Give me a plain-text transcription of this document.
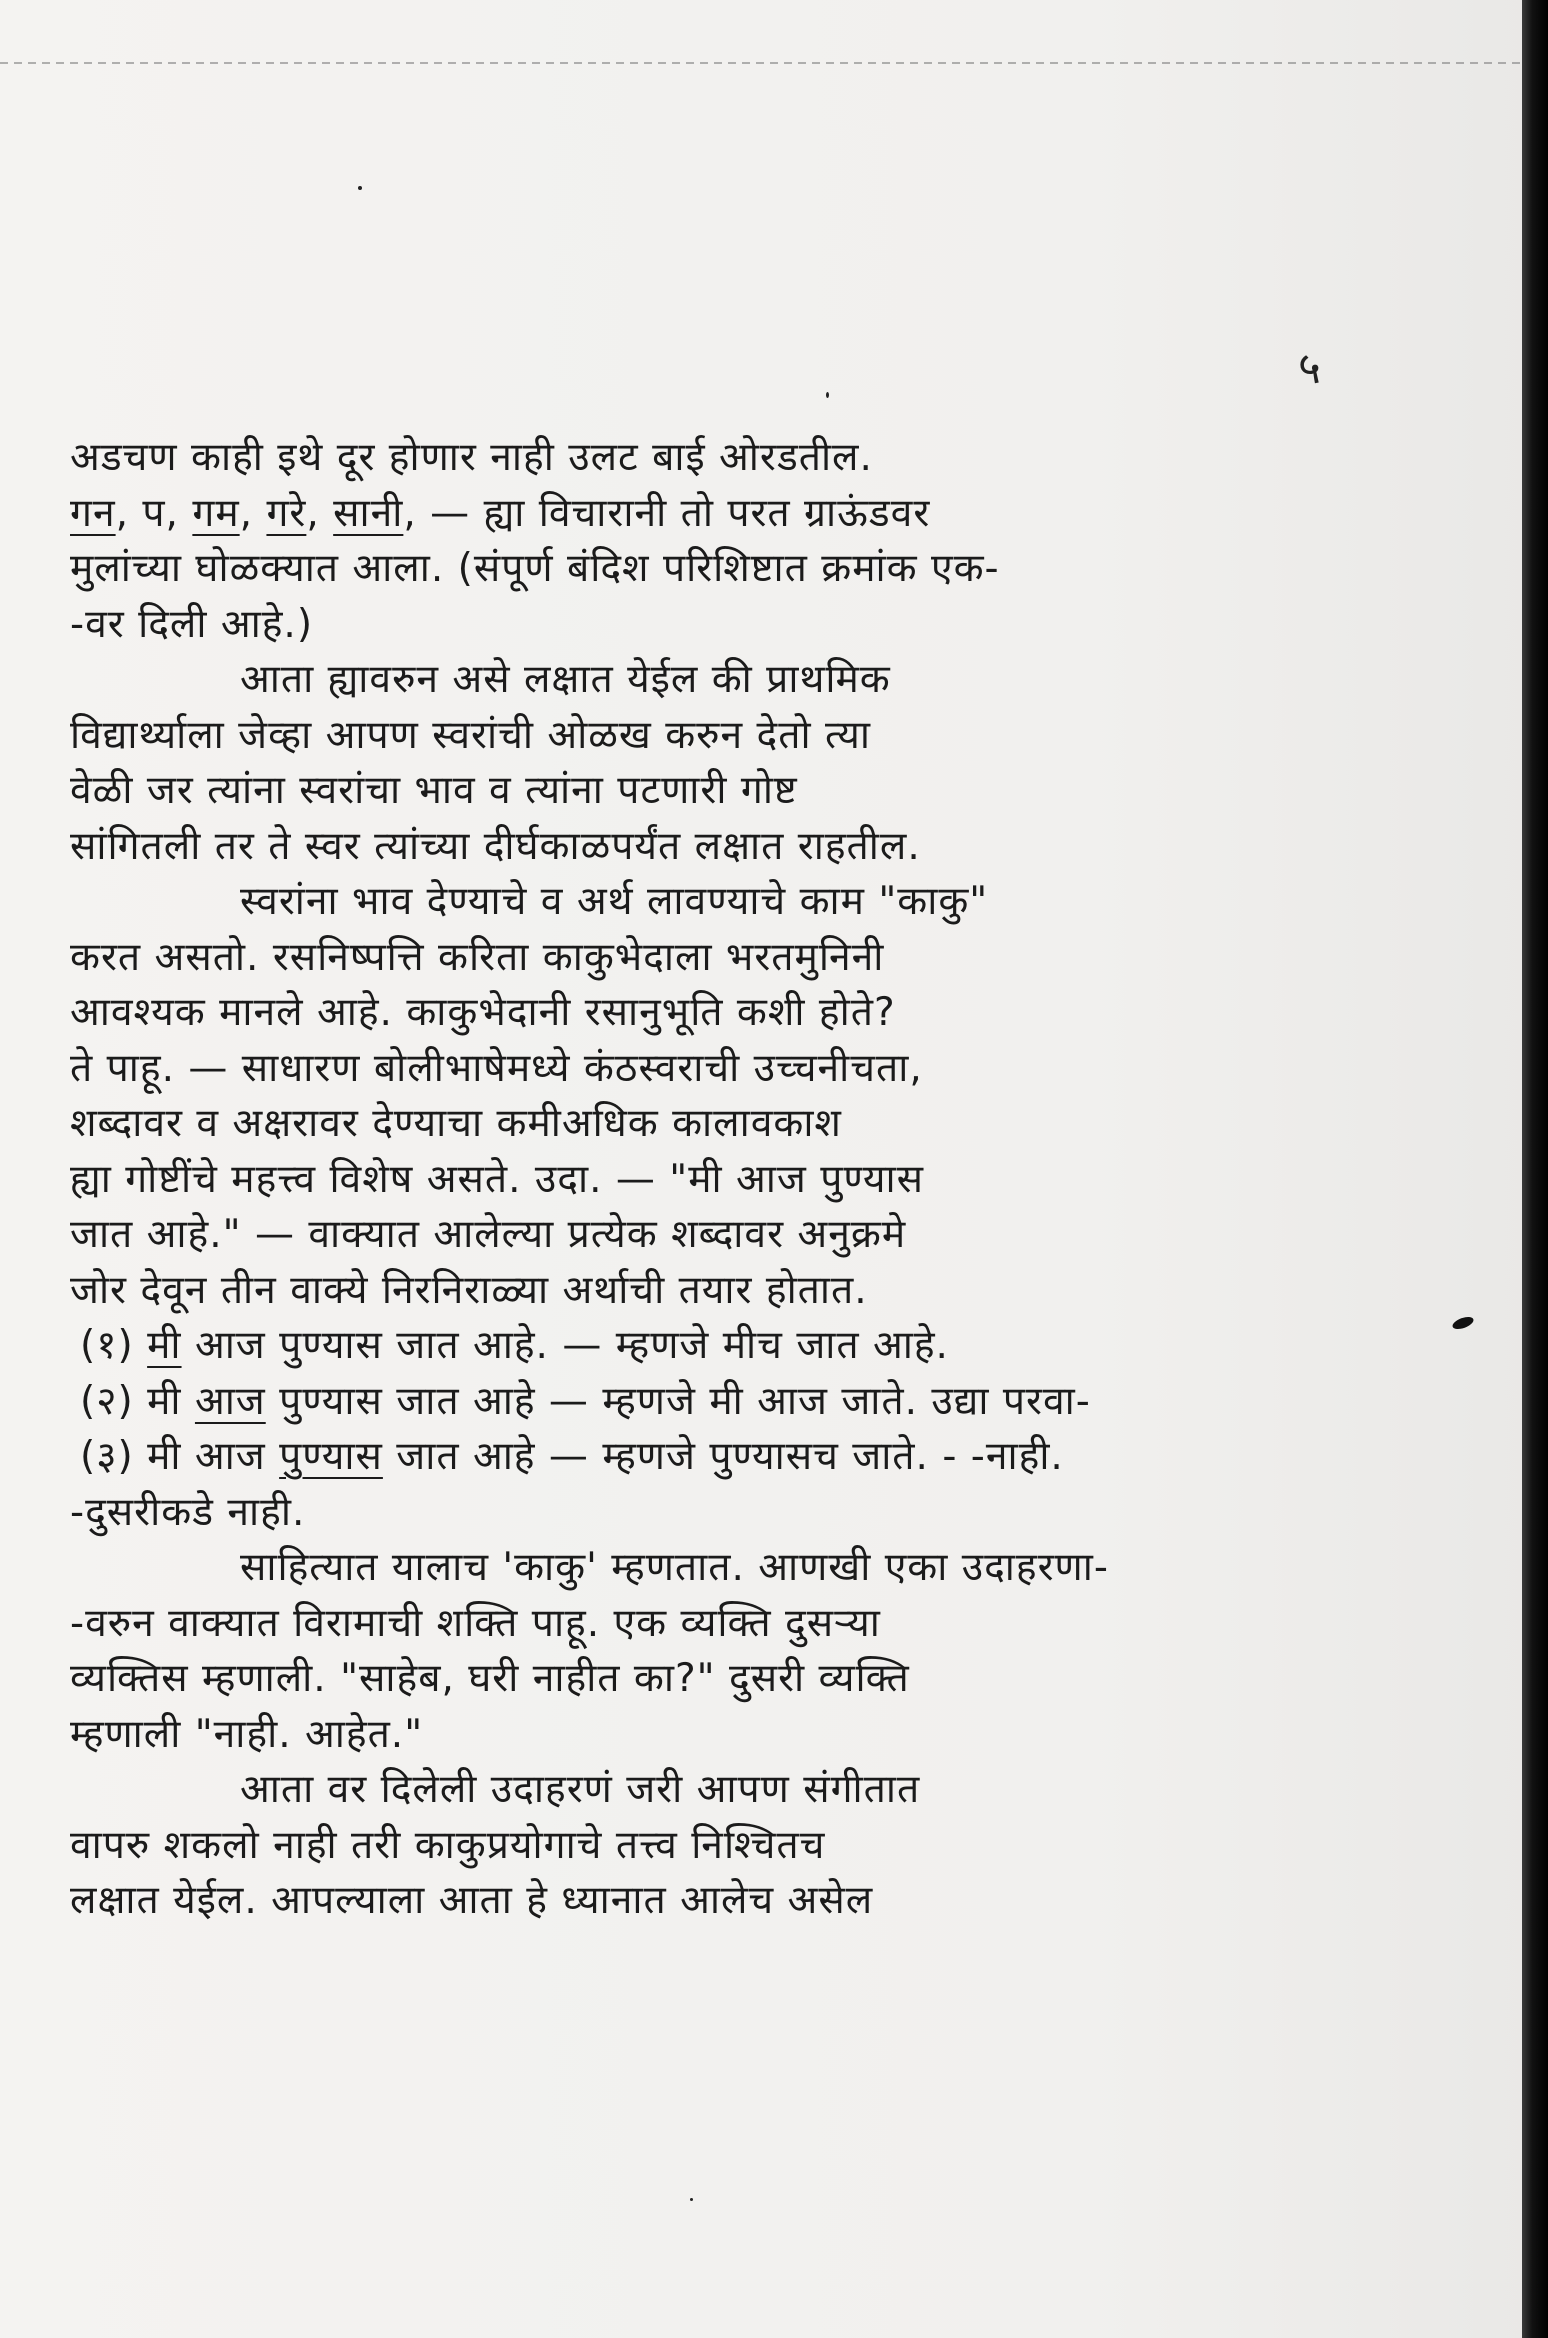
५
अडचण काही इथे दूर होणार नाही उलट बाई ओरडतील.
गन, प, गम, गरे, सानी, — ह्या विचारानी तो परत ग्राऊंडवर
मुलांच्या घोळक्यात आला. (संपूर्ण बंदिश परिशिष्टात क्रमांक एक-
-वर दिली आहे.)
आता ह्यावरुन असे लक्षात येईल की प्राथमिक
विद्यार्थ्याला जेव्हा आपण स्वरांची ओळख करुन देतो त्या
वेळी जर त्यांना स्वरांचा भाव व त्यांना पटणारी गोष्ट
सांगितली तर ते स्वर त्यांच्या दीर्घकाळपर्यंत लक्षात राहतील.
स्वरांना भाव देण्याचे व अर्थ लावण्याचे काम "काकु"
करत असतो. रसनिष्पत्ति करिता काकुभेदाला भरतमुनिनी
आवश्यक मानले आहे. काकुभेदानी रसानुभूति कशी होते?
ते पाहू. — साधारण बोलीभाषेमध्ये कंठस्वराची उच्चनीचता,
शब्दावर व अक्षरावर देण्याचा कमीअधिक कालावकाश
ह्या गोष्टींचे महत्त्व विशेष असते. उदा. — "मी आज पुण्यास
जात आहे." — वाक्यात आलेल्या प्रत्येक शब्दावर अनुक्रमे
जोर देवून तीन वाक्ये निरनिराळ्या अर्थाची तयार होतात.
(१) मी आज पुण्यास जात आहे. — म्हणजे मीच जात आहे.
(२) मी आज पुण्यास जात आहे — म्हणजे मी आज जाते. उद्या परवा-
(३) मी आज पुण्यास जात आहे — म्हणजे पुण्यासच जाते. - -नाही.
-दुसरीकडे नाही.
साहित्यात यालाच 'काकु' म्हणतात. आणखी एका उदाहरणा-
-वरुन वाक्यात विरामाची शक्ति पाहू. एक व्यक्ति दुसऱ्या
व्यक्तिस म्हणाली. "साहेब, घरी नाहीत का?" दुसरी व्यक्ति
म्हणाली "नाही. आहेत."
आता वर दिलेली उदाहरणं जरी आपण संगीतात
वापरु शकलो नाही तरी काकुप्रयोगाचे तत्त्व निश्चितच
लक्षात येईल. आपल्याला आता हे ध्यानात आलेच असेल
